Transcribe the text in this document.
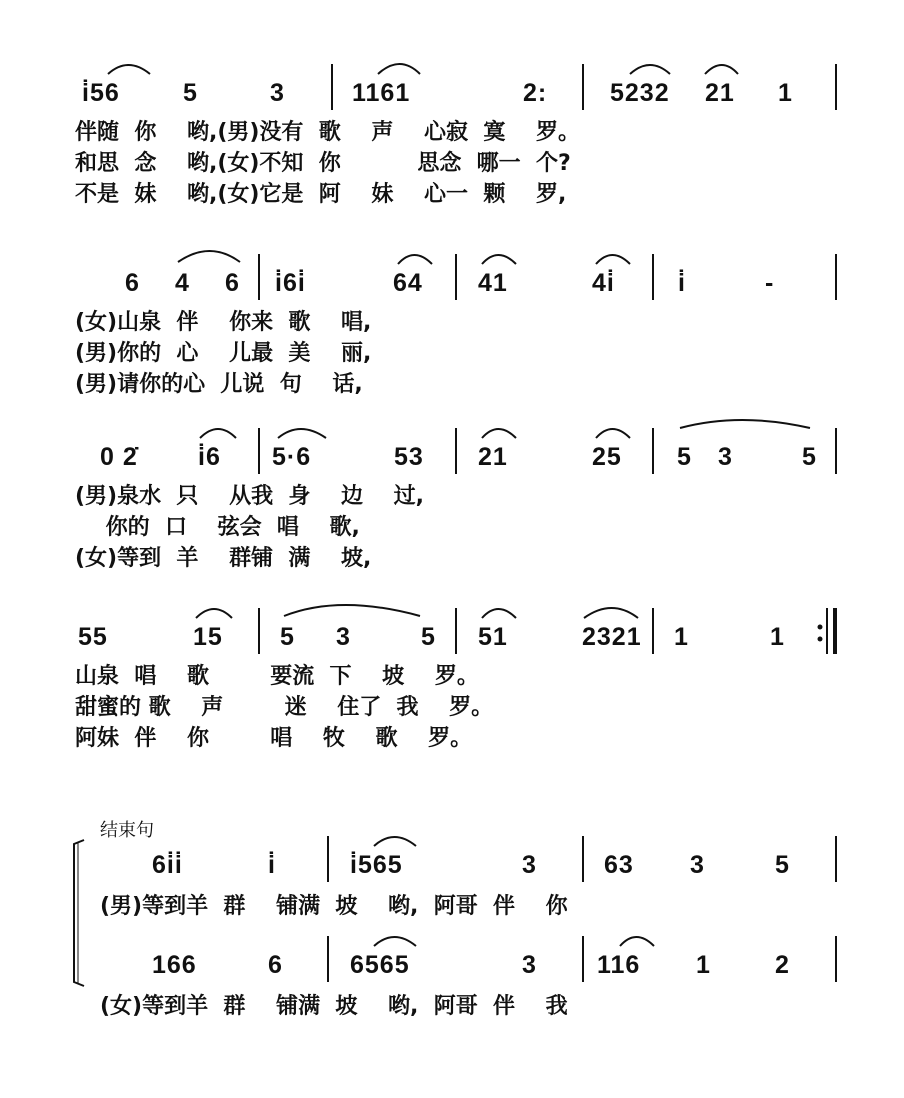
i̇56

	5

	3

	1161

	2:

	5232

21

1

伴随  你    哟,(男)没有  歌    声    心寂  寞    罗。
和思  念    哟,(女)不知  你          思念  哪一  个?
不是  妹    哟,(女)它是  阿    妹    心一  颗    罗,

6

4

6

i̇6i̇

	64

41

	4i̇

	i̇

	-

(女)山泉  伴    你来  歌    唱,
(男)你的  心    儿最  美    丽,
(男)请你的心  儿说  句    话,

0 2̇

i̇6

5·6

	53

21

	25

5

3

	5

(男)泉水  只    从我  身    边    过,
你的  口    弦会  唱    歌,
(女)等到  羊    群铺  满    坡,

55

	15

5

3

	5

51

	2321

1

	1

山泉  唱    歌        要流  下    坡    罗。
甜蜜的 歌    声        迷    住了  我    罗。
阿妹  伴    你        唱    牧    歌    罗。
结束句

6i̇i̇

	i̇

	i̇565

	3

	63

3

	5

(男)等到羊  群    铺满  坡    哟,  阿哥  伴    你

166

	6

	6565

	3

116

1

	2

(女)等到羊  群    铺满  坡    哟,  阿哥  伴    我
